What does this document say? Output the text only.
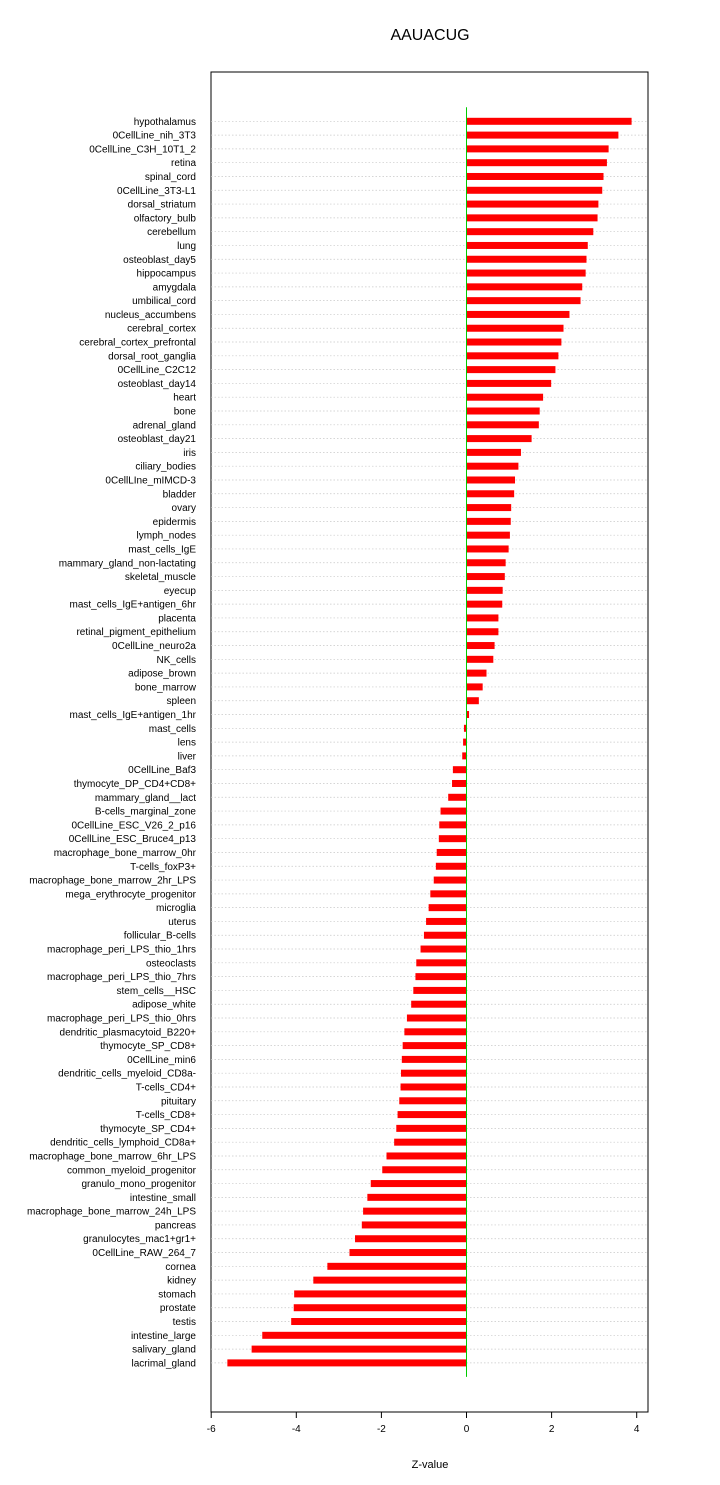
AAUACUG
hypothalamus
0CellLine_nih_3T3
0CellLine_C3H_10T1_2
retina
spinal_cord
0CellLine_3T3-L1
dorsal_striatum
olfactory_bulb
cerebellum
lung
osteoblast_day5
hippocampus
amygdala
umbilical_cord
nucleus_accumbens
cerebral_cortex
cerebral_cortex_prefrontal
dorsal_root_ganglia
0CellLine_C2C12
osteoblast_day14
heart
bone
adrenal_gland
osteoblast_day21
iris
ciliary_bodies
0CellLIne_mIMCD-3
bladder
ovary
epidermis
lymph_nodes
mast_cells_IgE
mammary_gland_non-lactating
skeletal_muscle
eyecup
mast_cells_IgE+antigen_6hr
placenta
retinal_pigment_epithelium
0CellLine_neuro2a
NK_cells
adipose_brown
bone_marrow
spleen
mast_cells_IgE+antigen_1hr
mast_cells
lens
liver
0CellLine_Baf3
thymocyte_DP_CD4+CD8+
mammary_gland__lact
B-cells_marginal_zone
0CellLine_ESC_V26_2_p16
0CellLine_ESC_Bruce4_p13
macrophage_bone_marrow_0hr
T-cells_foxP3+
macrophage_bone_marrow_2hr_LPS
mega_erythrocyte_progenitor
microglia
uterus
follicular_B-cells
macrophage_peri_LPS_thio_1hrs
osteoclasts
macrophage_peri_LPS_thio_7hrs
stem_cells__HSC
adipose_white
macrophage_peri_LPS_thio_0hrs
dendritic_plasmacytoid_B220+
thymocyte_SP_CD8+
0CellLine_min6
dendritic_cells_myeloid_CD8a-
T-cells_CD4+
pituitary
T-cells_CD8+
thymocyte_SP_CD4+
dendritic_cells_lymphoid_CD8a+
macrophage_bone_marrow_6hr_LPS
common_myeloid_progenitor
granulo_mono_progenitor
intestine_small
macrophage_bone_marrow_24h_LPS
pancreas
granulocytes_mac1+gr1+
0CellLine_RAW_264_7
cornea
kidney
stomach
prostate
testis
intestine_large
salivary_gland
lacrimal_gland
-6	-4	-2	0	2	4
Z-value
